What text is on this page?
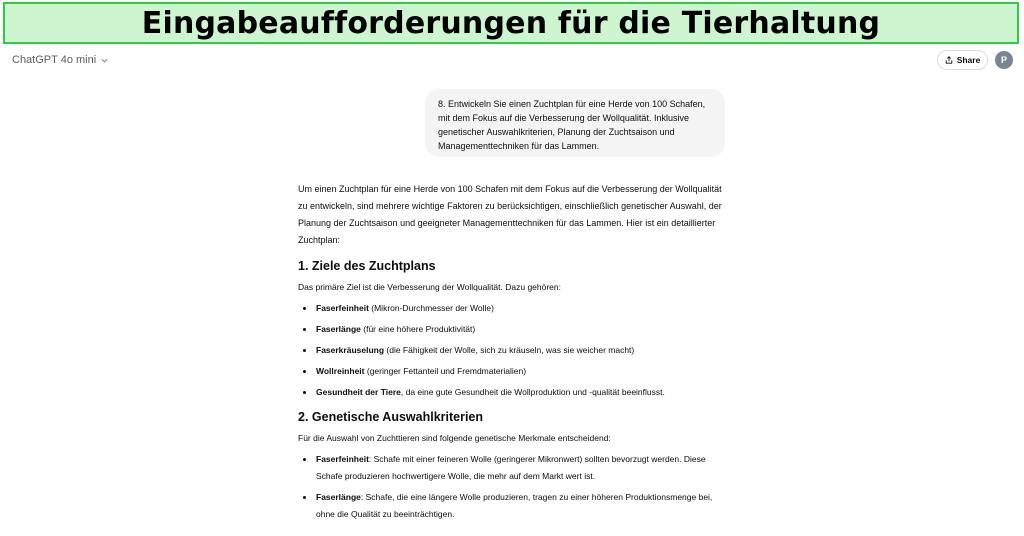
Eingabeaufforderungen für die Tierhaltung
ChatGPT 4o mini	Share P
8. Entwickeln Sie einen Zuchtplan für eine Herde von 100 Schafen, mit dem Fokus auf die Verbesserung der Wollqualität. Inklusive genetischer Auswahlkriterien, Planung der Zuchtsaison und Managementtechniken für das Lammen.

Um einen Zuchtplan für eine Herde von 100 Schafen mit dem Fokus auf die Verbesserung der Wollqualität zu entwickeln, sind mehrere wichtige Faktoren zu berücksichtigen, einschließlich genetischer Auswahl, der Planung der Zuchtsaison und geeigneter Managementtechniken für das Lammen. Hier ist ein detaillierter Zuchtplan:

1. Ziele des Zuchtplans

Das primäre Ziel ist die Verbesserung der Wollqualität. Dazu gehören:

Faserfeinheit (Mikron-Durchmesser der Wolle)
Faserlänge (für eine höhere Produktivität)
Faserkräuselung (die Fähigkeit der Wolle, sich zu kräuseln, was sie weicher macht)
Wollreinheit (geringer Fettanteil und Fremdmaterialien)
Gesundheit der Tiere, da eine gute Gesundheit die Wollproduktion und -qualität beeinflusst.
2. Genetische Auswahlkriterien

Für die Auswahl von Zuchttieren sind folgende genetische Merkmale entscheidend:

Faserfeinheit: Schafe mit einer feineren Wolle (geringerer Mikronwert) sollten bevorzugt werden. Diese Schafe produzieren hochwertigere Wolle, die mehr auf dem Markt wert ist.
Faserlänge: Schafe, die eine längere Wolle produzieren, tragen zu einer höheren Produktionsmenge bei, ohne die Qualität zu beeinträchtigen.
